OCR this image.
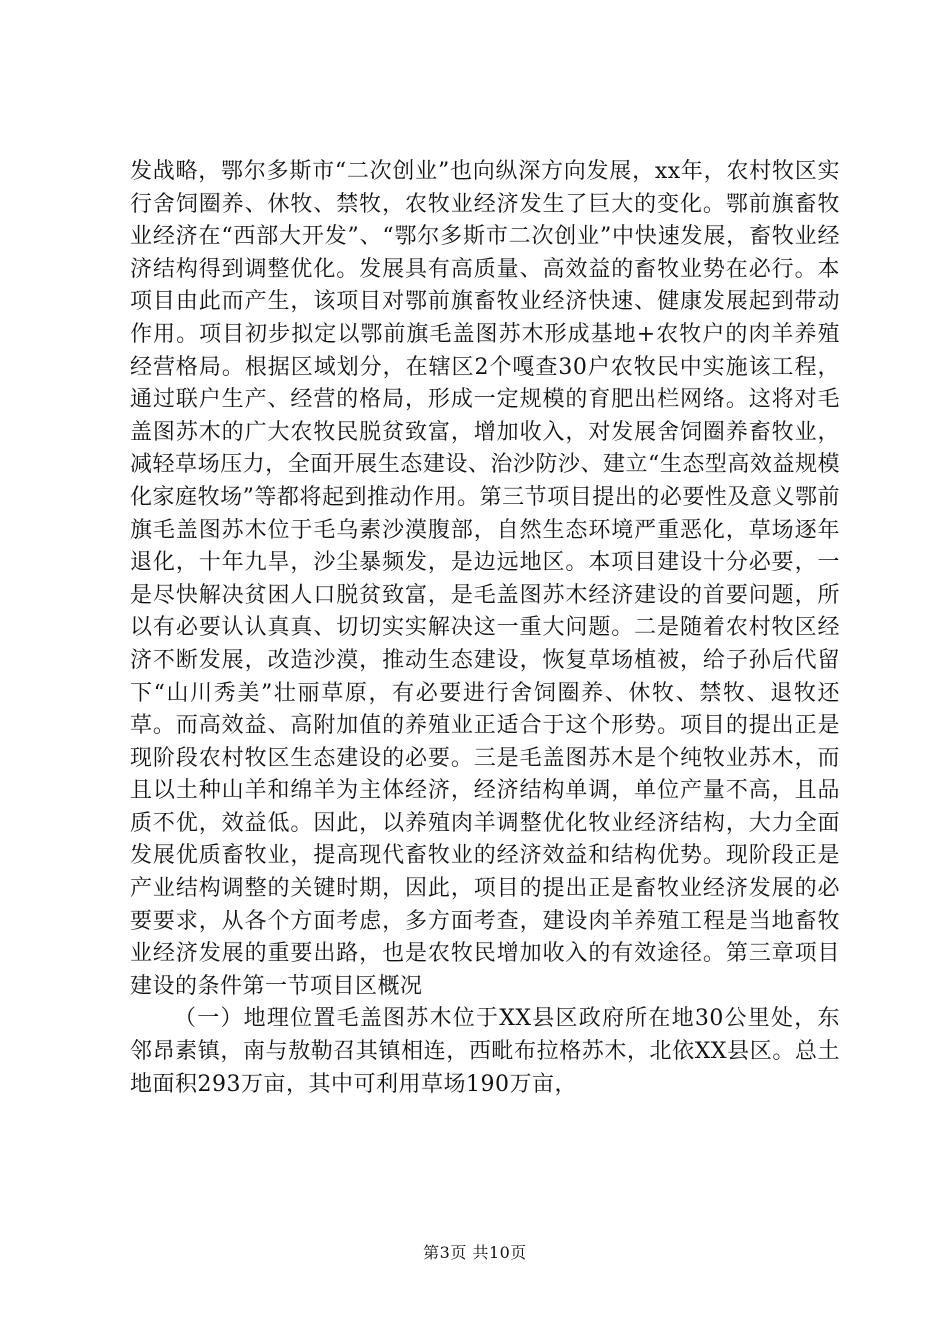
发战略，鄂尔多斯市“二次创业”也向纵深方向发展，xx年，农村牧区实行舍饲圈养、休牧、禁牧，农牧业经济发生了巨大的变化。鄂前旗畜牧业经济在“西部大开发”、“鄂尔多斯市二次创业”中快速发展，畜牧业经济结构得到调整优化。发展具有高质量、高效益的畜牧业势在必行。本项目由此而产生，该项目对鄂前旗畜牧业经济快速、健康发展起到带动作用。项目初步拟定以鄂前旗毛盖图苏木形成基地+农牧户的肉羊养殖经营格局。根据区域划分，在辖区2个嘎查30户农牧民中实施该工程，通过联户生产、经营的格局，形成一定规模的育肥出栏网络。这将对毛盖图苏木的广大农牧民脱贫致富，增加收入，对发展舍饲圈养畜牧业，减轻草场压力，全面开展生态建设、治沙防沙、建立“生态型高效益规模化家庭牧场”等都将起到推动作用。第三节项目提出的必要性及意义鄂前旗毛盖图苏木位于毛乌素沙漠腹部，自然生态环境严重恶化，草场逐年退化，十年九旱，沙尘暴频发，是边远地区。本项目建设十分必要，一是尽快解决贫困人口脱贫致富，是毛盖图苏木经济建设的首要问题，所以有必要认认真真、切切实实解决这一重大问题。二是随着农村牧区经济不断发展，改造沙漠，推动生态建设，恢复草场植被，给子孙后代留下“山川秀美”壮丽草原，有必要进行舍饲圈养、休牧、禁牧、退牧还草。而高效益、高附加值的养殖业正适合于这个形势。项目的提出正是现阶段农村牧区生态建设的必要。三是毛盖图苏木是个纯牧业苏木，而且以土种山羊和绵羊为主体经济，经济结构单调，单位产量不高，且品质不优，效益低。因此，以养殖肉羊调整优化牧业经济结构，大力全面发展优质畜牧业，提高现代畜牧业的经济效益和结构优势。现阶段正是产业结构调整的关键时期，因此，项目的提出正是畜牧业经济发展的必要要求，从各个方面考虑，多方面考查，建设肉羊养殖工程是当地畜牧业经济发展的重要出路，也是农牧民增加收入的有效途径。第三章项目建设的条件第一节项目区概况

（一）地理位置毛盖图苏木位于XX县区政府所在地30公里处，东邻昂素镇，南与敖勒召其镇相连，西毗布拉格苏木，北依XX县区。总土地面积293万亩，其中可利用草场190万亩，

第3页 共10页
